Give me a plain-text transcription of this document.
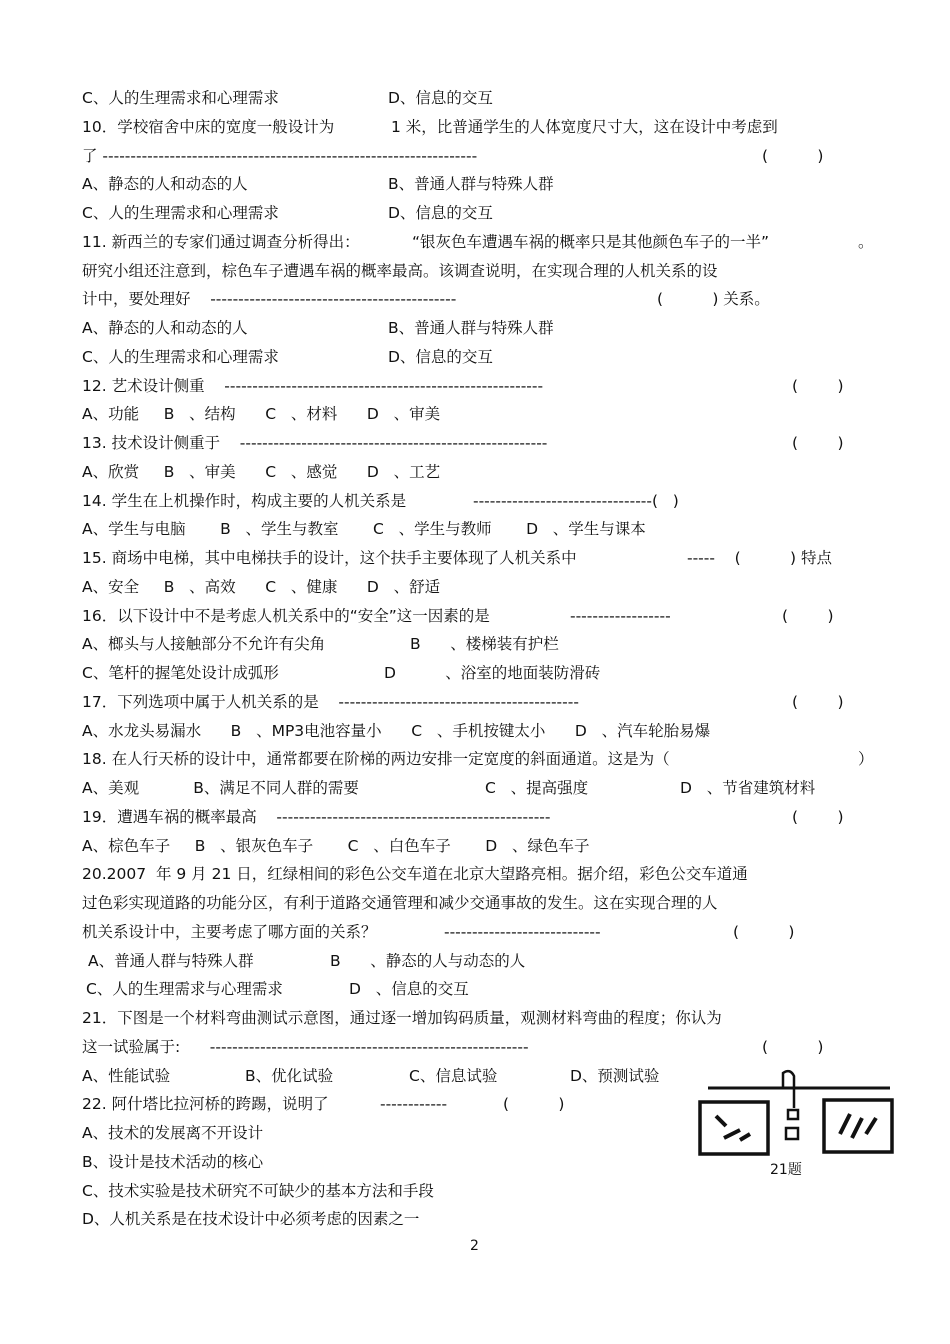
C、人的生理需求和心理需求	D、信息的交互
10．学校宿舍中床的宽度一般设计为	1 米，比普通学生的人体宽度尺寸大，这在设计中考虑到
了 -------------------------------------------------------------------	(          )
A、静态的人和动态的人	B、普通人群与特殊人群
C、人的生理需求和心理需求	D、信息的交互
11. 新西兰的专家们通过调查分析得出：	“银灰色车遭遇车祸的概率只是其他颜色车子的一半”	。
研究小组还注意到，棕色车子遭遇车祸的概率最高。该调查说明，在实现合理的人机关系的设
计中，要处理好    --------------------------------------------	(          ) 关系。
A、静态的人和动态的人	B、普通人群与特殊人群
C、人的生理需求和心理需求	D、信息的交互
12. 艺术设计侧重    ---------------------------------------------------------	(        )
A、功能     B   、结构      C   、材料      D   、审美
13. 技术设计侧重于    -------------------------------------------------------	(        )
A、欣赏     B   、审美      C   、感觉      D   、工艺
14. 学生在上机操作时，构成主要的人机关系是	--------------------------------(   )
A、学生与电脑       B   、学生与教室       C   、学生与教师       D   、学生与课本
15. 商场中电梯，其中电梯扶手的设计，这个扶手主要体现了人机关系中	-----    (          ) 特点
A、安全     B   、高效      C   、健康      D   、舒适
16．以下设计中不是考虑人机关系中的“安全”这一因素的是	------------------	(        )
A、榔头与人接触部分不允许有尖角	B      、楼梯装有护栏
C、笔杆的握笔处设计成弧形	D          、浴室的地面装防滑砖
17．下列选项中属于人机关系的是    -------------------------------------------	(        )
A、水龙头易漏水      B   、MP3电池容量小      C   、手机按键太小      D   、汽车轮胎易爆
18. 在人行天桥的设计中，通常都要在阶梯的两边安排一定宽度的斜面通道。这是为（	）
A、美观           B、满足不同人群的需要	C   、提高强度	D   、节省建筑材料
19．遭遇车祸的概率最高    -------------------------------------------------	(        )
A、棕色车子     B   、银灰色车子       C   、白色车子       D   、绿色车子
20.2007  年 9 月 21 日，红绿相间的彩色公交车道在北京大望路亮相。据介绍，彩色公交车道通
过色彩实现道路的功能分区，有利于道路交通管理和减少交通事故的发生。这在实现合理的人
机关系设计中，主要考虑了哪方面的关系？	----------------------------	(          )
A、普通人群与特殊人群	B      、静态的人与动态的人
C、人的生理需求与心理需求	D   、信息的交互
21．下图是一个材料弯曲测试示意图，通过逐一增加钩码质量，观测材料弯曲的程度；你认为
这一试验属于:      ---------------------------------------------------------	(          )
A、性能试验	B、优化试验	C、信息试验	D、预测试验
22. 阿什塔比拉河桥的跨踢，说明了	------------	(          )
A、技术的发展离不开设计
B、设计是技术活动的核心
C、技术实验是技术研究不可缺少的基本方法和手段
D、人机关系是在技术设计中必须考虑的因素之一
21题
2
